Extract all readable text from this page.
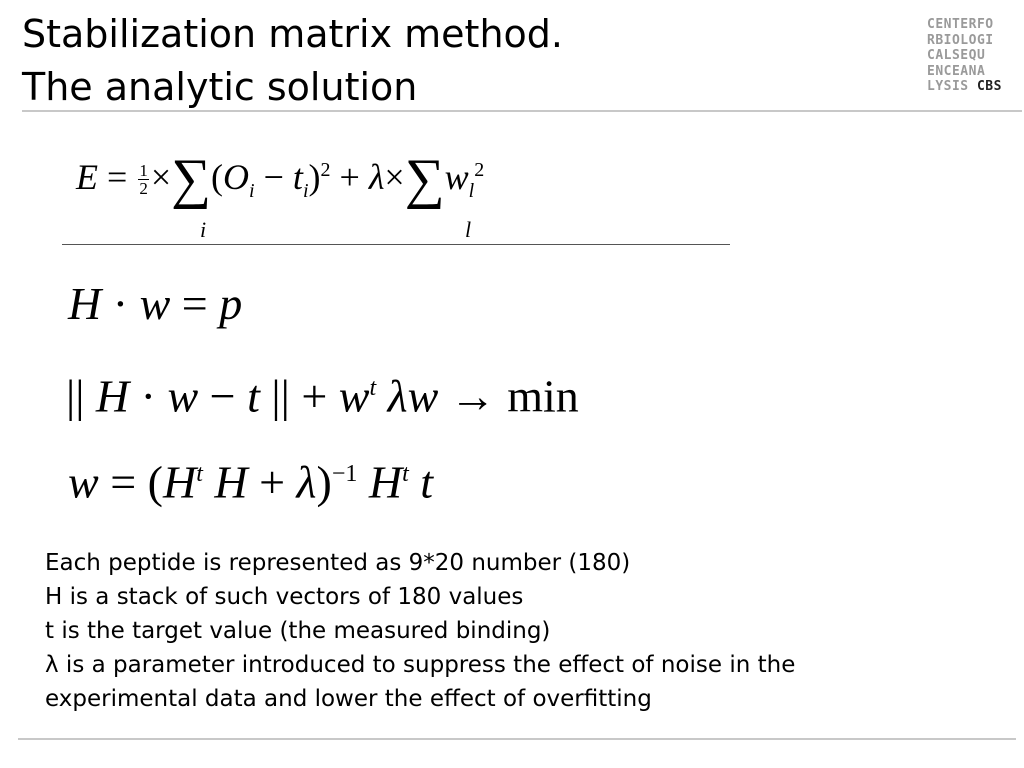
Stabilization matrix method.
The analytic solution
CENTERFO
RBIOLOGI
CALSEQU
ENCEANA
LYSIS CBS
$E = \frac{1}{2} \times\sum(O_i - t_i)^2 + \lambda\times\sum w_l^2$
i	l
H · w = p
|| H · w − t || + $w^t$ λw → min
$w = (H^t$ H + λ)$^{-1}$ $H^t$ t
Each peptide is represented as 9*20 number (180)
H is a stack of such vectors of 180 values
t is the target value (the measured binding)
λ is a parameter introduced to suppress the effect of noise in the
experimental data and lower the effect of overfitting
